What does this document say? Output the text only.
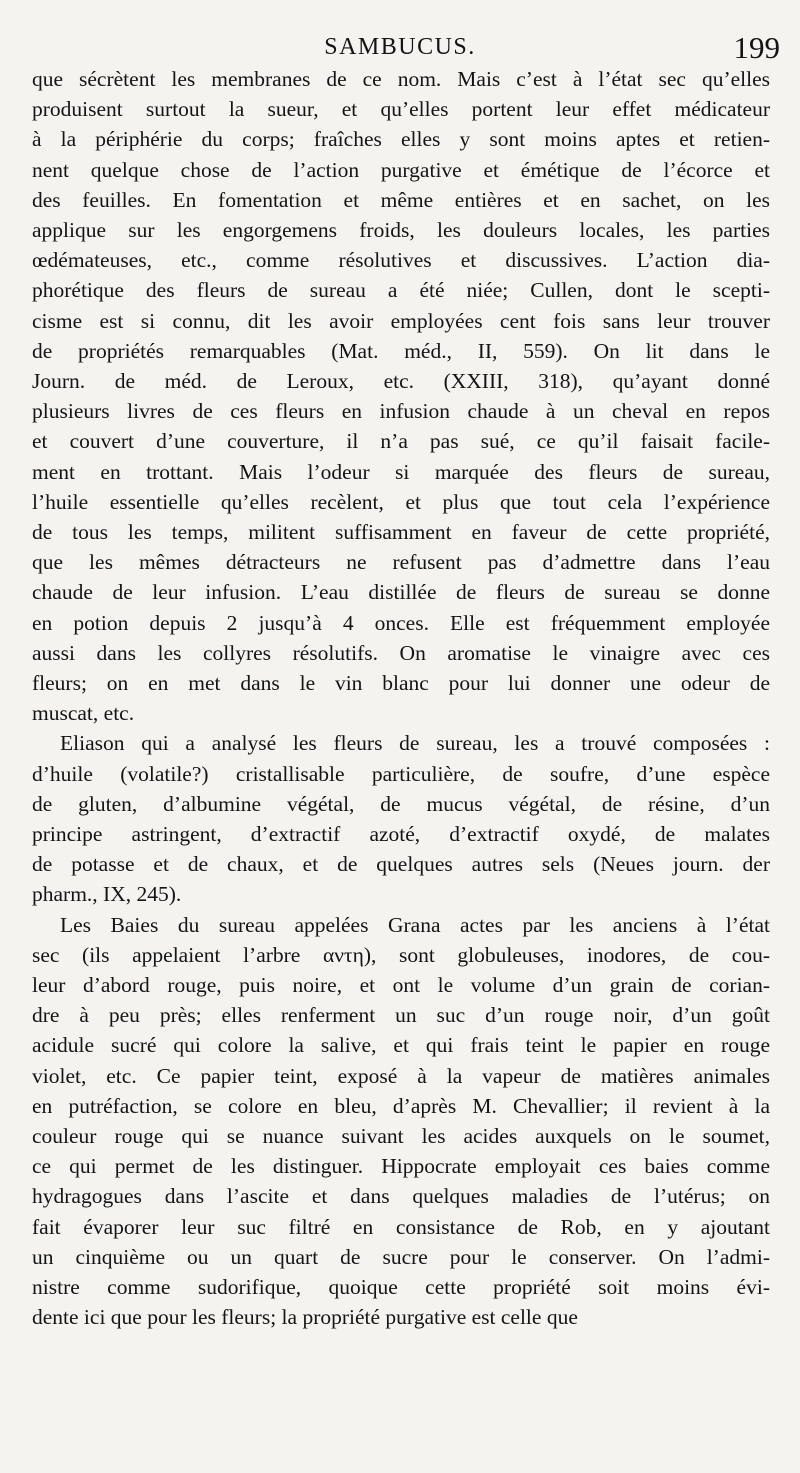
SAMBUCUS.	199
que sécrètent les membranes de ce nom. Mais c’est à l’état sec qu’elles
produisent surtout la sueur, et qu’elles portent leur effet médicateur
à la périphérie du corps; fraîches elles y sont moins aptes et retien-
nent quelque chose de l’action purgative et émétique de l’écorce et
des feuilles. En fomentation et même entières et en sachet, on les
applique sur les engorgemens froids, les douleurs locales, les parties
œdémateuses, etc., comme résolutives et discussives. L’action dia-
phorétique des fleurs de sureau a été niée; Cullen, dont le scepti-
cisme est si connu, dit les avoir employées cent fois sans leur trouver
de propriétés remarquables (Mat. méd., II, 559). On lit dans le
Journ. de méd. de Leroux, etc. (XXIII, 318), qu’ayant donné
plusieurs livres de ces fleurs en infusion chaude à un cheval en repos
et couvert d’une couverture, il n’a pas sué, ce qu’il faisait facile-
ment en trottant. Mais l’odeur si marquée des fleurs de sureau,
l’huile essentielle qu’elles recèlent, et plus que tout cela l’expérience
de tous les temps, militent suffisamment en faveur de cette propriété,
que les mêmes détracteurs ne refusent pas d’admettre dans l’eau
chaude de leur infusion. L’eau distillée de fleurs de sureau se donne
en potion depuis 2 jusqu’à 4 onces. Elle est fréquemment employée
aussi dans les collyres résolutifs. On aromatise le vinaigre avec ces
fleurs; on en met dans le vin blanc pour lui donner une odeur de
muscat, etc.
Eliason qui a analysé les fleurs de sureau, les a trouvé composées :
d’huile (volatile?) cristallisable particulière, de soufre, d’une espèce
de gluten, d’albumine végétal, de mucus végétal, de résine, d’un
principe astringent, d’extractif azoté, d’extractif oxydé, de malates
de potasse et de chaux, et de quelques autres sels (Neues journ. der
pharm., IX, 245).
Les Baies du sureau appelées Grana actes par les anciens à l’état
sec (ils appelaient l’arbre αντη), sont globuleuses, inodores, de cou-
leur d’abord rouge, puis noire, et ont le volume d’un grain de corian-
dre à peu près; elles renferment un suc d’un rouge noir, d’un goût
acidule sucré qui colore la salive, et qui frais teint le papier en rouge
violet, etc. Ce papier teint, exposé à la vapeur de matières animales
en putréfaction, se colore en bleu, d’après M. Chevallier; il revient à la
couleur rouge qui se nuance suivant les acides auxquels on le soumet,
ce qui permet de les distinguer. Hippocrate employait ces baies comme
hydragogues dans l’ascite et dans quelques maladies de l’utérus; on
fait évaporer leur suc filtré en consistance de Rob, en y ajoutant
un cinquième ou un quart de sucre pour le conserver. On l’admi-
nistre comme sudorifique, quoique cette propriété soit moins évi-
dente ici que pour les fleurs; la propriété purgative est celle que
